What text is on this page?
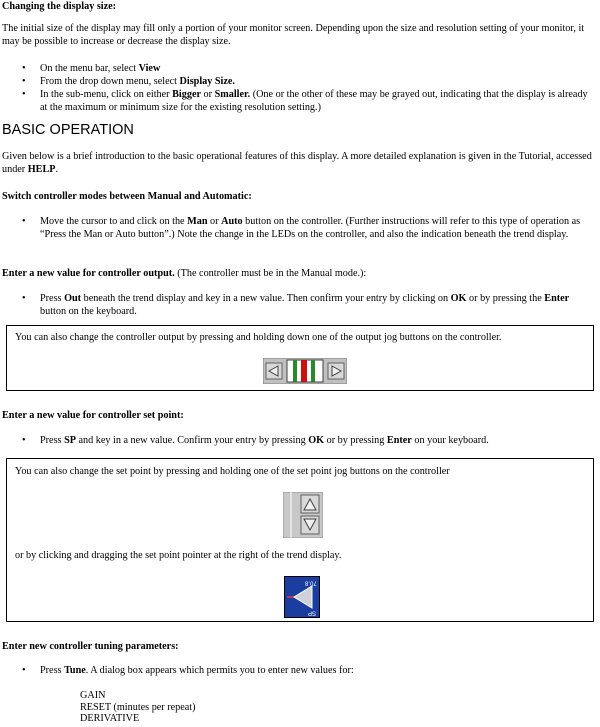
Changing the display size:

The initial size of the display may fill only a portion of your monitor screen. Depending upon the size and resolution setting of your monitor, it may be possible to increase or decrease the display size.

• On the menu bar, select View
• From the drop down menu, select Display Size.
• In the sub-menu, click on either Bigger or Smaller. (One or the other of these may be grayed out, indicating that the display is already at the maximum or minimum size for the existing resolution setting.)
BASIC OPERATION

Given below is a brief introduction to the basic operational features of this display. A more detailed explanation is given in the Tutorial, accessed under HELP.

Switch controller modes between Manual and Automatic:

• Move the cursor to and click on the Man or Auto button on the controller. (Further instructions will refer to this type of operation as “Press the Man or Auto button”.) Note the change in the LEDs on the controller, and also the indication beneath the trend display.

Enter a new value for controller output. (The controller must be in the Manual mode.):

• Press Out beneath the trend display and key in a new value. Then confirm your entry by clicking on OK or by pressing the Enter button on the keyboard.

You can also change the controller output by pressing and holding down one of the output jog buttons on the controller.

Enter a new value for controller set point:

• Press SP and key in a new value. Confirm your entry by pressing OK or by pressing Enter on your keyboard.

You can also change the set point by pressing and holding one of the set point jog buttons on the controller

or by clicking and dragging the set point pointer at the right of the trend display.

70.8
SP

Enter new controller tuning parameters:

• Press Tune. A dialog box appears which permits you to enter new values for:
GAIN
RESET (minutes per repeat)
DERIVATIVE
